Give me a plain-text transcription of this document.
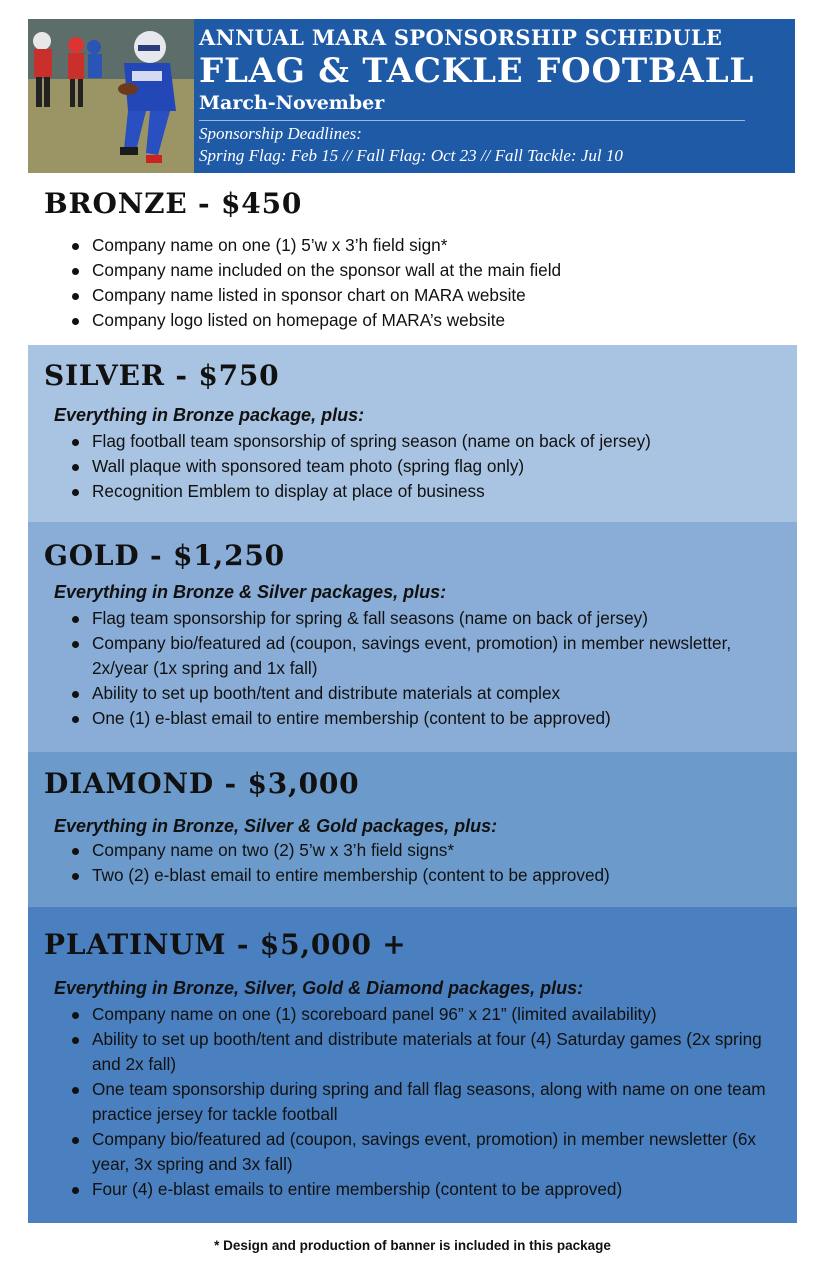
ANNUAL MARA SPONSORSHIP SCHEDULE
FLAG & TACKLE FOOTBALL
March-November
Sponsorship Deadlines:
Spring Flag: Feb 15 // Fall Flag: Oct 23 // Fall Tackle: Jul 10
BRONZE - $450
Company name on one (1) 5’w x 3’h field sign*
Company name included on the sponsor wall at the main field
Company name listed in sponsor chart on MARA website
Company logo listed on homepage of MARA’s website
SILVER - $750
Everything in Bronze package, plus:
Flag football team sponsorship of spring season (name on back of jersey)
Wall plaque with sponsored team photo (spring flag only)
Recognition Emblem to display at place of business
GOLD - $1,250
Everything in Bronze & Silver packages, plus:
Flag team sponsorship for spring & fall seasons (name on back of jersey)
Company bio/featured ad (coupon, savings event, promotion) in member newsletter, 2x/year (1x spring and 1x fall)
Ability to set up booth/tent and distribute materials at complex
One (1) e-blast email to entire membership (content to be approved)
DIAMOND - $3,000
Everything in Bronze, Silver & Gold packages, plus:
Company name on two (2) 5’w x 3’h field signs*
Two (2) e-blast email to entire membership (content to be approved)
PLATINUM - $5,000 +
Everything in Bronze, Silver, Gold & Diamond packages, plus:
Company name on one (1) scoreboard panel 96” x 21” (limited availability)
Ability to set up booth/tent and distribute materials at four (4) Saturday games (2x spring and 2x fall)
One team sponsorship during spring and fall flag seasons, along with name on one team practice jersey for tackle football
Company bio/featured ad (coupon, savings event, promotion) in member newsletter (6x year, 3x spring and 3x fall)
Four (4) e-blast emails to entire membership (content to be approved)
* Design and production of banner is included in this package
